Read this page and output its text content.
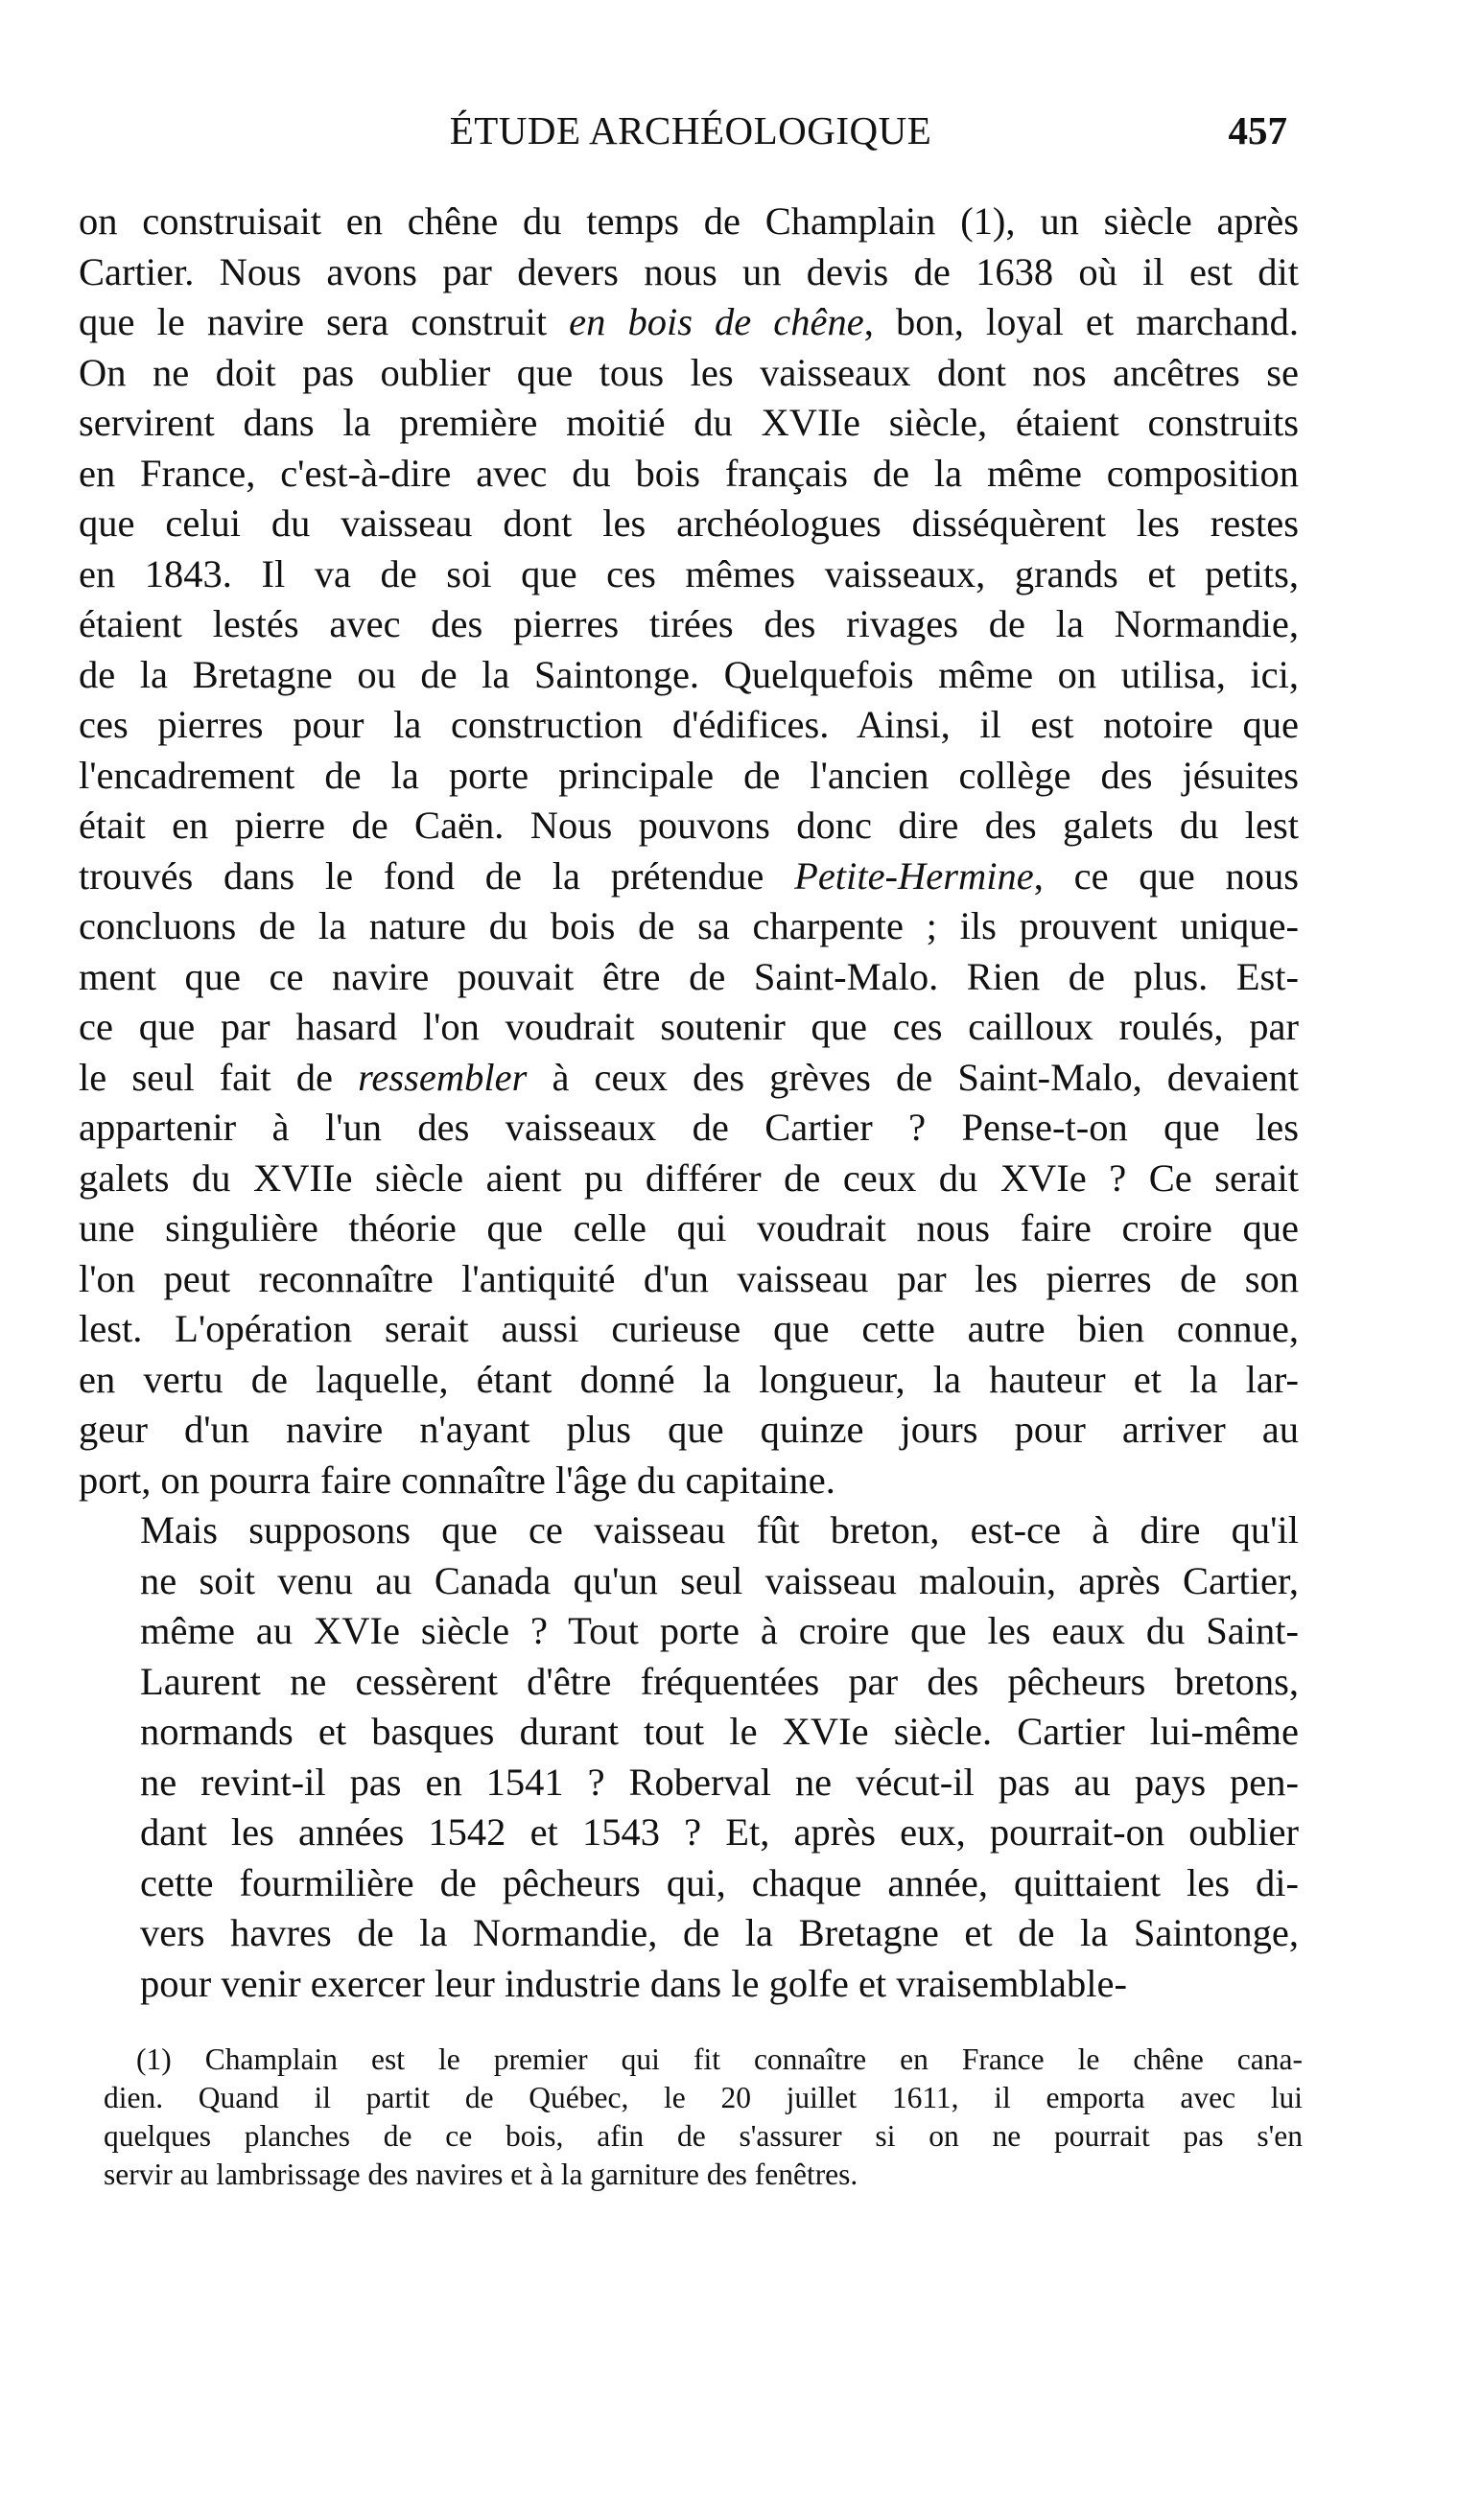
ÉTUDE ARCHÉOLOGIQUE	457
on construisait en chêne du temps de Champlain (1), un siècle après
Cartier. Nous avons par devers nous un devis de 1638 où il est dit
que le navire sera construit en bois de chêne, bon, loyal et marchand.
On ne doit pas oublier que tous les vaisseaux dont nos ancêtres se
servirent dans la première moitié du XVIIe siècle, étaient construits
en France, c'est-à-dire avec du bois français de la même composition
que celui du vaisseau dont les archéologues disséquèrent les restes
en 1843. Il va de soi que ces mêmes vaisseaux, grands et petits,
étaient lestés avec des pierres tirées des rivages de la Normandie,
de la Bretagne ou de la Saintonge. Quelquefois même on utilisa, ici,
ces pierres pour la construction d'édifices. Ainsi, il est notoire que
l'encadrement de la porte principale de l'ancien collège des jésuites
était en pierre de Caën. Nous pouvons donc dire des galets du lest
trouvés dans le fond de la prétendue Petite-Hermine, ce que nous
concluons de la nature du bois de sa charpente ; ils prouvent unique-
ment que ce navire pouvait être de Saint-Malo. Rien de plus. Est-
ce que par hasard l'on voudrait soutenir que ces cailloux roulés, par
le seul fait de ressembler à ceux des grèves de Saint-Malo, devaient
appartenir à l'un des vaisseaux de Cartier ? Pense-t-on que les
galets du XVIIe siècle aient pu différer de ceux du XVIe ? Ce serait
une singulière théorie que celle qui voudrait nous faire croire que
l'on peut reconnaître l'antiquité d'un vaisseau par les pierres de son
lest. L'opération serait aussi curieuse que cette autre bien connue,
en vertu de laquelle, étant donné la longueur, la hauteur et la lar-
geur d'un navire n'ayant plus que quinze jours pour arriver au
port, on pourra faire connaître l'âge du capitaine.
Mais supposons que ce vaisseau fût breton, est-ce à dire qu'il
ne soit venu au Canada qu'un seul vaisseau malouin, après Cartier,
même au XVIe siècle ? Tout porte à croire que les eaux du Saint-
Laurent ne cessèrent d'être fréquentées par des pêcheurs bretons,
normands et basques durant tout le XVIe siècle. Cartier lui-même
ne revint-il pas en 1541 ? Roberval ne vécut-il pas au pays pen-
dant les années 1542 et 1543 ? Et, après eux, pourrait-on oublier
cette fourmilière de pêcheurs qui, chaque année, quittaient les di-
vers havres de la Normandie, de la Bretagne et de la Saintonge,
pour venir exercer leur industrie dans le golfe et vraisemblable-
(1) Champlain est le premier qui fit connaître en France le chêne cana-
dien. Quand il partit de Québec, le 20 juillet 1611, il emporta avec lui
quelques planches de ce bois, afin de s'assurer si on ne pourrait pas s'en
servir au lambrissage des navires et à la garniture des fenêtres.
